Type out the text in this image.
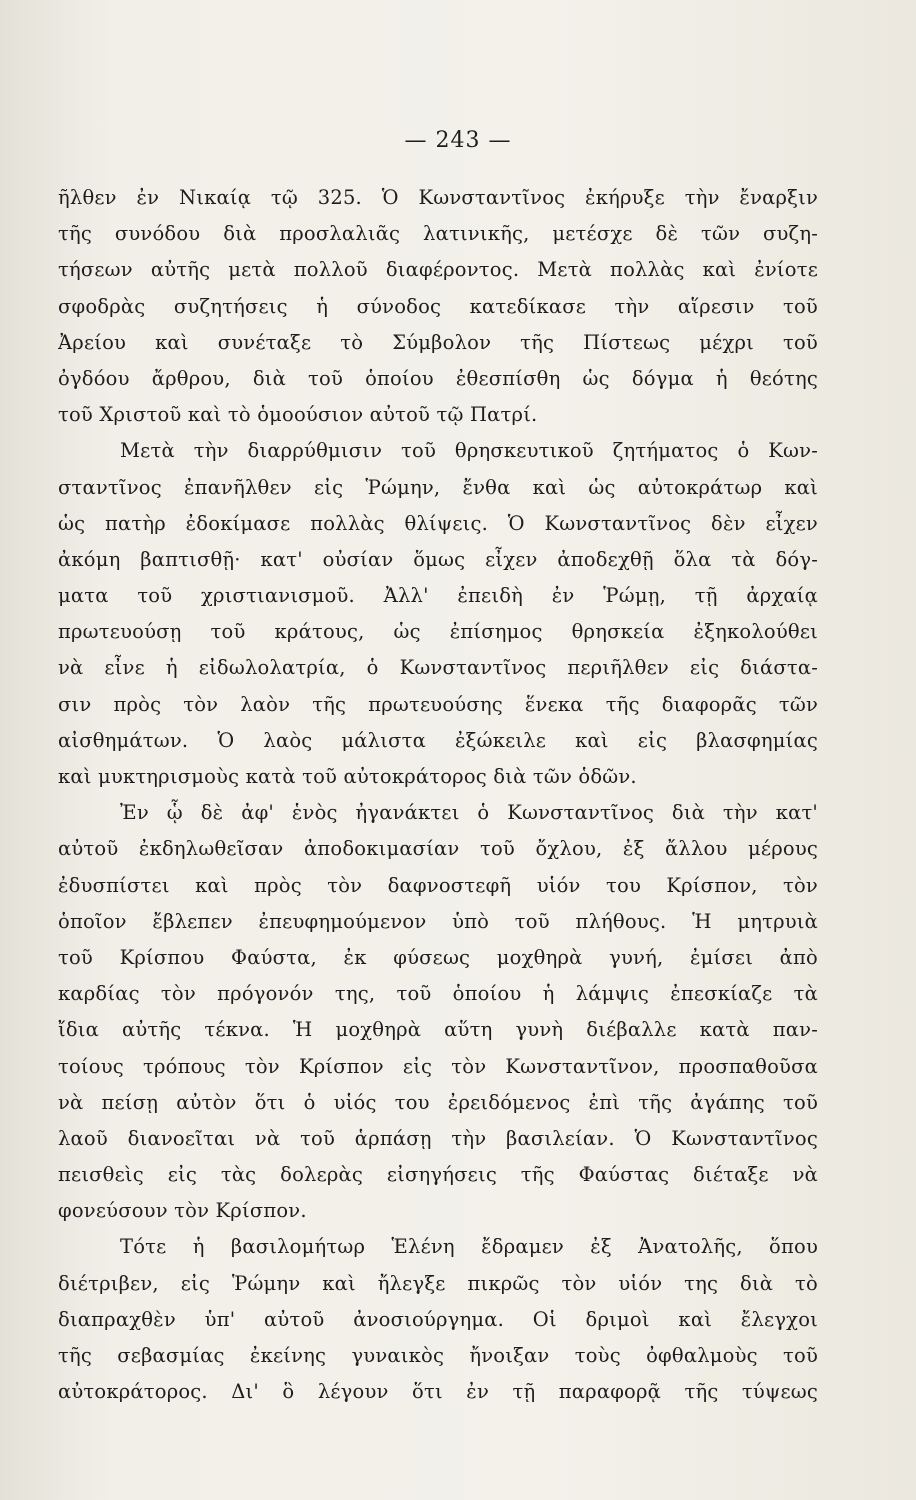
— 243 —
ῆλθεν ἐν Νικαίᾳ τῷ 325. Ὁ Κωνσταντῖνος ἐκήρυξε τὴν ἔναρξιν
τῆς συνόδου διὰ προσλαλιᾶς λατινικῆς, μετέσχε δὲ τῶν συζη-
τήσεων αὐτῆς μετὰ πολλοῦ διαφέροντος. Μετὰ πολλὰς καὶ ἐνίοτε
σφοδρὰς συζητήσεις ἡ σύνοδος κατεδίκασε τὴν αἵρεσιν τοῦ
Ἀρείου καὶ συνέταξε τὸ Σύμβολον τῆς Πίστεως μέχρι τοῦ
ὀγδόου ἄρθρου, διὰ τοῦ ὁποίου ἐθεσπίσθη ὡς δόγμα ἡ θεότης
τοῦ Χριστοῦ καὶ τὸ ὁμοούσιον αὐτοῦ τῷ Πατρί.
Μετὰ τὴν διαρρύθμισιν τοῦ θρησκευτικοῦ ζητήματος ὁ Κων-
σταντῖνος ἐπανῆλθεν εἰς Ῥώμην, ἔνθα καὶ ὡς αὐτοκράτωρ καὶ
ὡς πατὴρ ἐδοκίμασε πολλὰς θλίψεις. Ὁ Κωνσταντῖνος δὲν εἶχεν
ἀκόμη βαπτισθῇ· κατ' οὐσίαν ὅμως εἶχεν ἀποδεχθῇ ὅλα τὰ δόγ-
ματα τοῦ χριστιανισμοῦ. Ἀλλ' ἐπειδὴ ἐν Ῥώμῃ, τῇ ἀρχαίᾳ
πρωτευούσῃ τοῦ κράτους, ὡς ἐπίσημος θρησκεία ἐξηκολούθει
νὰ εἶνε ἡ εἰδωλολατρία, ὁ Κωνσταντῖνος περιῆλθεν εἰς διάστα-
σιν πρὸς τὸν λαὸν τῆς πρωτευούσης ἕνεκα τῆς διαφορᾶς τῶν
αἰσθημάτων. Ὁ λαὸς μάλιστα ἐξώκειλε καὶ εἰς βλασφημίας
καὶ μυκτηρισμοὺς κατὰ τοῦ αὐτοκράτορος διὰ τῶν ὁδῶν.
Ἐν ᾧ δὲ ἀφ' ἑνὸς ἠγανάκτει ὁ Κωνσταντῖνος διὰ τὴν κατ'
αὐτοῦ ἐκδηλωθεῖσαν ἀποδοκιμασίαν τοῦ ὄχλου, ἐξ ἄλλου μέρους
ἐδυσπίστει καὶ πρὸς τὸν δαφνοστεφῆ υἱόν του Κρίσπον, τὸν
ὁποῖον ἔβλεπεν ἐπευφημούμενον ὑπὸ τοῦ πλήθους. Ἡ μητρυιὰ
τοῦ Κρίσπου Φαύστα, ἐκ φύσεως μοχθηρὰ γυνή, ἐμίσει ἀπὸ
καρδίας τὸν πρόγονόν της, τοῦ ὁποίου ἡ λάμψις ἐπεσκίαζε τὰ
ἴδια αὐτῆς τέκνα. Ἡ μοχθηρὰ αὕτη γυνὴ διέβαλλε κατὰ παν-
τοίους τρόπους τὸν Κρίσπον εἰς τὸν Κωνσταντῖνον, προσπαθοῦσα
νὰ πείσῃ αὐτὸν ὅτι ὁ υἱός του ἐρειδόμενος ἐπὶ τῆς ἀγάπης τοῦ
λαοῦ διανοεῖται νὰ τοῦ ἁρπάσῃ τὴν βασιλείαν. Ὁ Κωνσταντῖνος
πεισθεὶς εἰς τὰς δολερὰς εἰσηγήσεις τῆς Φαύστας διέταξε νὰ
φονεύσουν τὸν Κρίσπον.
Τότε ἡ βασιλομήτωρ Ἑλένη ἔδραμεν ἐξ Ἀνατολῆς, ὅπου
διέτριβεν, εἰς Ῥώμην καὶ ἤλεγξε πικρῶς τὸν υἱόν της διὰ τὸ
διαπραχθὲν ὑπ' αὐτοῦ ἀνοσιούργημα. Οἱ δριμοὶ καὶ ἔλεγχοι
τῆς σεβασμίας ἐκείνης γυναικὸς ἤνοιξαν τοὺς ὀφθαλμοὺς τοῦ
αὐτοκράτορος. Δι' ὃ λέγουν ὅτι ἐν τῇ παραφορᾷ τῆς τύψεως
